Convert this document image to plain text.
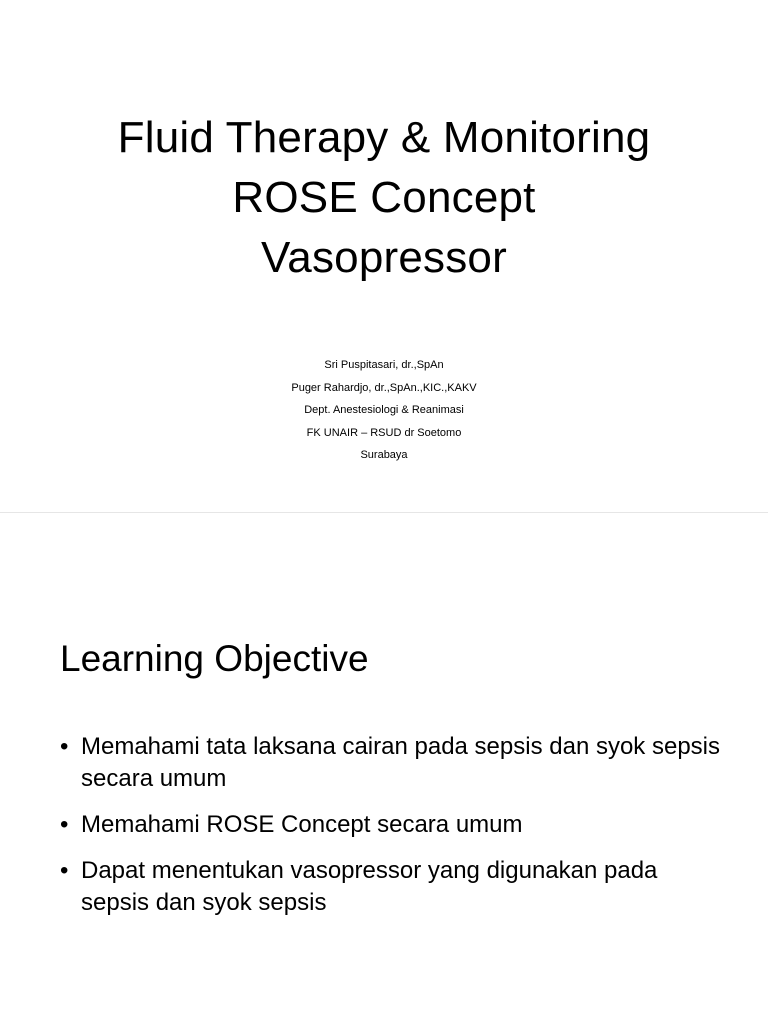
Fluid Therapy & Monitoring
ROSE Concept
Vasopressor
Sri Puspitasari, dr.,SpAn
Puger Rahardjo, dr.,SpAn.,KIC.,KAKV
Dept. Anestesiologi & Reanimasi
FK UNAIR – RSUD dr Soetomo
Surabaya
Learning Objective
• Memahami tata laksana cairan pada sepsis dan syok sepsis secara umum
• Memahami ROSE Concept secara umum
• Dapat menentukan vasopressor yang digunakan pada sepsis dan syok sepsis
